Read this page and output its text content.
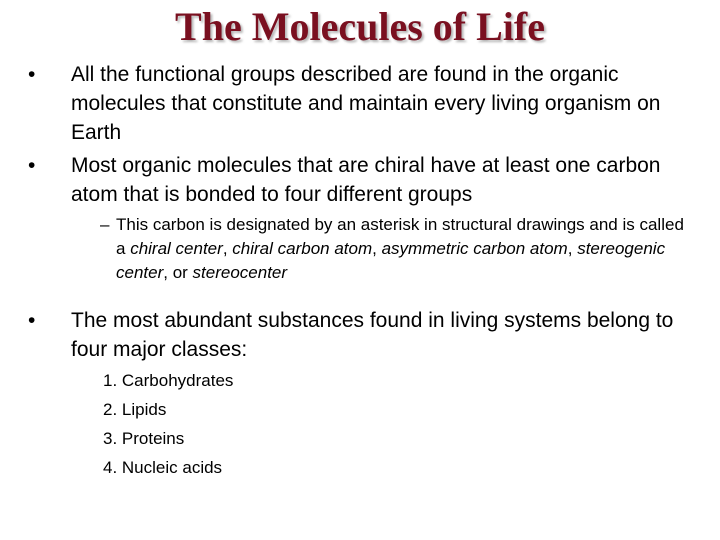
The Molecules of Life
•	All the functional groups described are found in the organic molecules that constitute and maintain every living organism on Earth
•	Most organic molecules that are chiral have at least one carbon atom that is bonded to four different groups
– This carbon is designated by an asterisk in structural drawings and is called a chiral center, chiral carbon atom, asymmetric carbon atom, stereogenic center, or stereocenter
•	The most abundant substances found in living systems belong to four major classes:
1. Carbohydrates
2. Lipids
3. Proteins
4. Nucleic acids
